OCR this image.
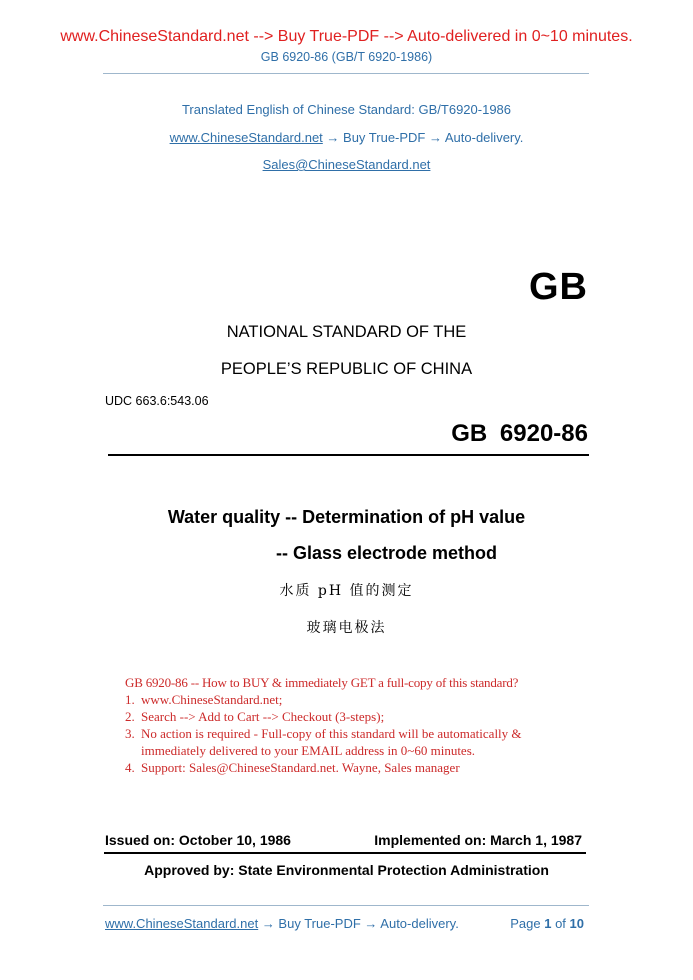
www.ChineseStandard.net --> Buy True-PDF --> Auto-delivered in 0~10 minutes.
GB 6920-86 (GB/T 6920-1986)
Translated English of Chinese Standard: GB/T6920-1986
www.ChineseStandard.net → Buy True-PDF → Auto-delivery.
Sales@ChineseStandard.net
GB
NATIONAL STANDARD OF THE
PEOPLE’S REPUBLIC OF CHINA
UDC 663.6:543.06
GB 6920-86
Water quality -- Determination of pH value
-- Glass electrode method
水质 pH 值的测定
玻璃电极法
GB 6920-86 -- How to BUY & immediately GET a full-copy of this standard?
1. www.ChineseStandard.net;
2. Search --> Add to Cart --> Checkout (3-steps);
3. No action is required - Full-copy of this standard will be automatically &
immediately delivered to your EMAIL address in 0~60 minutes.
4. Support: Sales@ChineseStandard.net. Wayne, Sales manager
Issued on: October 10, 1986	Implemented on: March 1, 1987
Approved by: State Environmental Protection Administration
www.ChineseStandard.net → Buy True-PDF → Auto-delivery.	Page 1 of 10
